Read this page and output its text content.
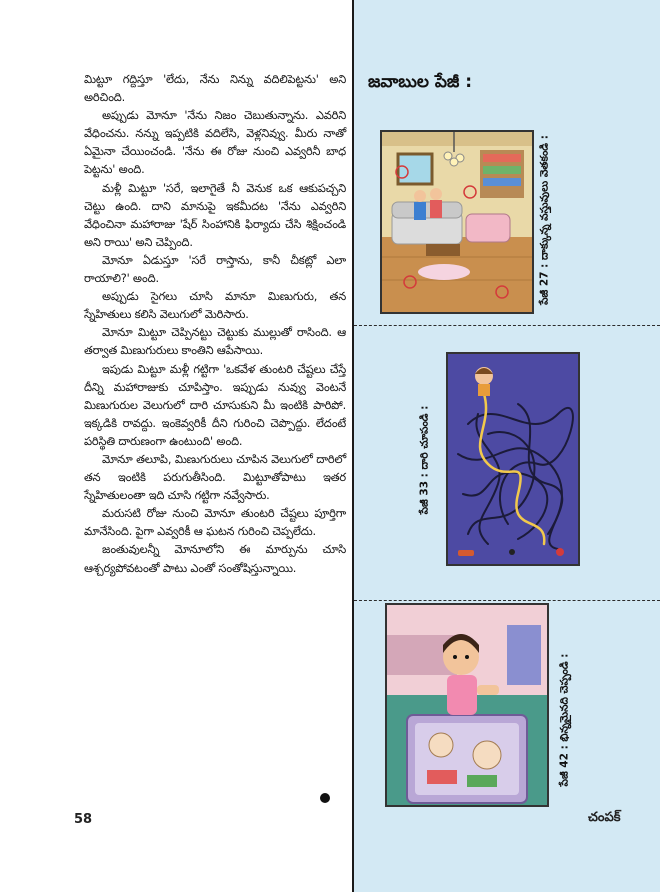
మిట్టూ గద్దిస్తూ 'లేదు, నేను నిన్ను వదిలిపెట్టను' అని అరిచింది.

అప్పుడు మోనూ 'నేను నిజం చెబుతున్నాను. ఎవరిని వేధించను. నన్ను ఇప్పటికి వదిలేసి, వెళ్లనివ్వు. మీరు నాతో ఏమైనా చేయించండి. 'నేను ఈ రోజు నుంచి ఎవ్వరినీ బాధ పెట్టను' అంది.

మళ్లీ మిట్టూ 'సరే, ఇలాగైతే నీ వెనుక ఒక ఆకుపచ్చని చెట్టు ఉంది. దాని మానుపై ఇకమీదట 'నేను ఎవ్వరిని వేధించినా మహారాజు 'షేర్ సింహానికి ఫిర్యాదు చేసి శిక్షించండి అని రాయి' అని చెప్పింది.

మోనూ ఏడుస్తూ 'సరే రాస్తాను, కానీ చీకట్లో ఎలా రాయాలి?' అంది.

అప్పుడు సైగలు చూసి మానూ మిణుగురు, తన స్నేహితులు కలిసి వెలుగులో మెరిసారు.

మోనూ మిట్టూ చెప్పినట్టు చెట్టుకు ముల్లుతో రాసింది. ఆ తర్వాత మిణుగురులు కాంతిని ఆపేసాయి.

ఇపుడు మిట్టూ మళ్లీ గట్టిగా 'ఒకవేళ తుంటరి చేష్టలు చేస్తే దీన్ని మహారాజుకు చూపిస్తాం. ఇప్పుడు నువ్వు వెంటనే మిణుగురుల వెలుగులో దారి చూసుకుని మీ ఇంటికి పారిపో. ఇక్కడికి రావద్దు. ఇంకెవ్వరికీ దీని గురించి చెప్పొద్దు. లేదంటే పరిస్థితి దారుణంగా ఉంటుంది' అంది.

మోనూ తలూపి, మిణుగురులు చూపిన వెలుగులో దారిలో తన ఇంటికి పరుగుతీసింది. మిట్టూతోపాటు ఇతర స్నేహితులంతా ఇది చూసి గట్టిగా నవ్వేసారు.

మరుసటి రోజు నుంచి మోనూ తుంటరి చేష్టలు పూర్తిగా మానేసింది. పైగా ఎవ్వరికీ ఆ ఘటన గురించి చెప్పలేదు.

జంతువులన్నీ మోనూలోని ఈ మార్పును చూసి ఆశ్చర్యపోవటంతో పాటు ఎంతో సంతోషిస్తున్నాయి.

58
జవాబుల పేజీ :
పేజీ 27 : దాక్కున్న వస్తువులు వెతకండి :
పేజీ 33 : దారి చూపండి :
పేజీ 42 : భిన్నమైనది చెప్పండి :
చంపక్
